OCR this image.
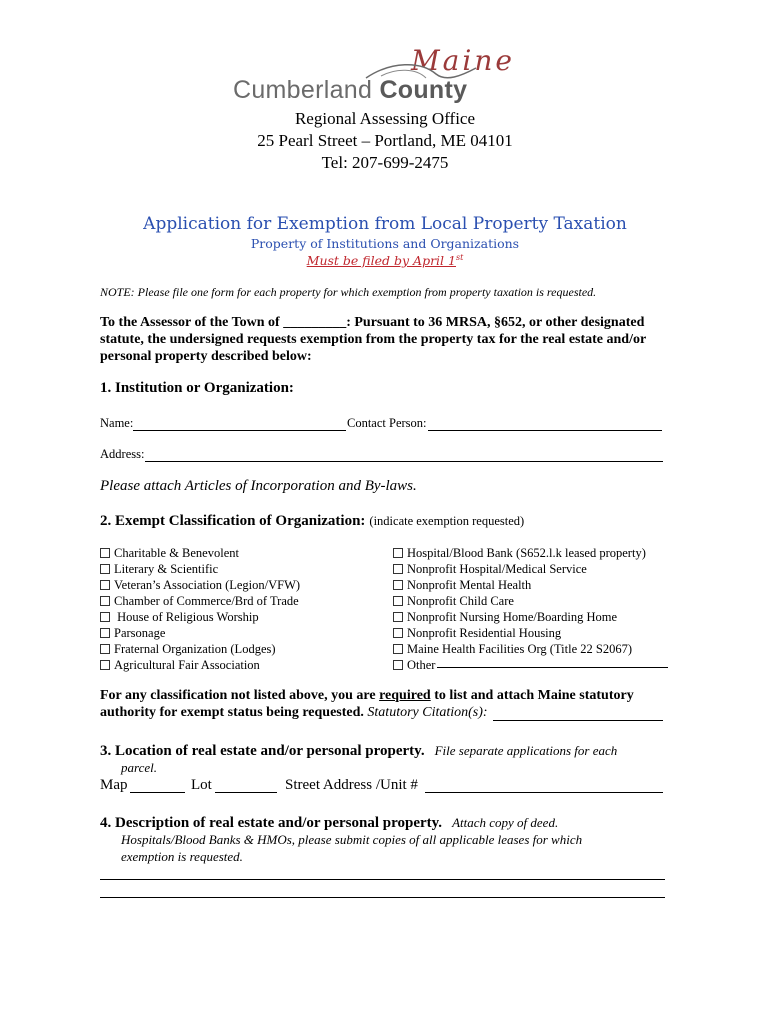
Maine
Cumberland County
Regional Assessing Office
25 Pearl Street – Portland, ME 04101
Tel: 207-699-2475
Application for Exemption from Local Property Taxation
Property of Institutions and Organizations
Must be filed by April 1st
NOTE: Please file one form for each property for which exemption from property taxation is requested.
To the Assessor of the Town of _________: Pursuant to 36 MRSA, §652, or other designated
statute, the undersigned requests exemption from the property tax for the real estate and/or
personal property described below:
1. Institution or Organization:
Name:	Contact Person:
Address:
Please attach Articles of Incorporation and By-laws.
2. Exempt Classification of Organization: (indicate exemption requested)
Charitable & Benevolent
Literary & Scientific
Veteran’s Association (Legion/VFW)
Chamber of Commerce/Brd of Trade
House of Religious Worship
Parsonage
Fraternal Organization (Lodges)
Agricultural Fair Association
Hospital/Blood Bank (S652.l.k leased property)
Nonprofit Hospital/Medical Service
Nonprofit Mental Health
Nonprofit Child Care
Nonprofit Nursing Home/Boarding Home
Nonprofit Residential Housing
Maine Health Facilities Org (Title 22 S2067)
Other
For any classification not listed above, you are required to list and attach Maine statutory
authority for exempt status being requested. Statutory Citation(s):
3. Location of real estate and/or personal property. File separate applications for each
parcel.
Map	Lot	Street Address /Unit #
4. Description of real estate and/or personal property. Attach copy of deed.
Hospitals/Blood Banks & HMOs, please submit copies of all applicable leases for which
exemption is requested.
